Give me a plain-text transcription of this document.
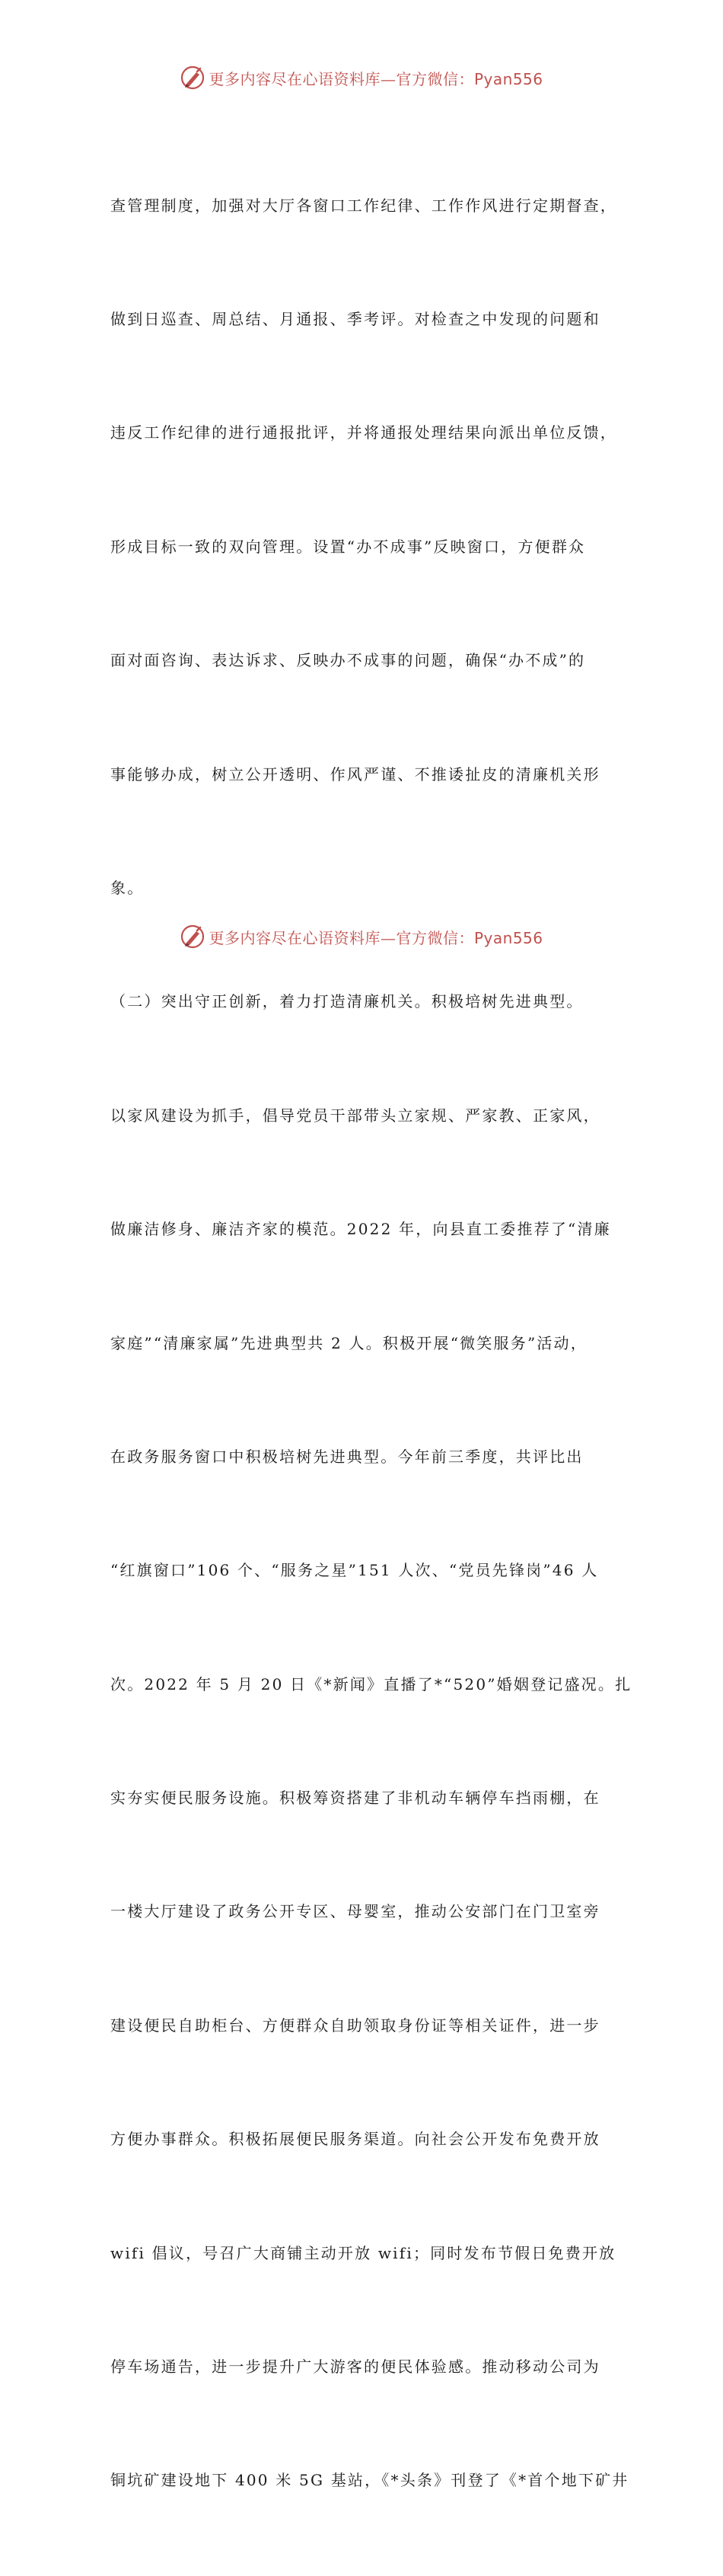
更多内容尽在心语资料库—官方微信：Pyan556

查管理制度，加强对大厅各窗口工作纪律、工作作风进行定期督查，

做到日巡查、周总结、月通报、季考评。对检查之中发现的问题和

违反工作纪律的进行通报批评，并将通报处理结果向派出单位反馈，

形成目标一致的双向管理。设置“办不成事”反映窗口，方便群众

面对面咨询、表达诉求、反映办不成事的问题，确保“办不成”的

事能够办成，树立公开透明、作风严谨、不推诿扯皮的清廉机关形

象。

（二）突出守正创新，着力打造清廉机关。积极培树先进典型。

以家风建设为抓手，倡导党员干部带头立家规、严家教、正家风，

做廉洁修身、廉洁齐家的模范。2022 年，向县直工委推荐了“清廉

家庭”“清廉家属”先进典型共 2 人。积极开展“微笑服务”活动，

在政务服务窗口中积极培树先进典型。今年前三季度，共评比出

“红旗窗口”106 个、“服务之星”151 人次、“党员先锋岗”46 人

次。2022 年 5 月 20 日《*新闻》直播了*“520”婚姻登记盛况。扎

实夯实便民服务设施。积极筹资搭建了非机动车辆停车挡雨棚，在

一楼大厅建设了政务公开专区、母婴室，推动公安部门在门卫室旁

建设便民自助柜台、方便群众自助领取身份证等相关证件，进一步

方便办事群众。积极拓展便民服务渠道。向社会公开发布免费开放

wifi 倡议，号召广大商铺主动开放 wifi；同时发布节假日免费开放

停车场通告，进一步提升广大游客的便民体验感。推动移动公司为

铜坑矿建设地下 400 米 5G 基站，《*头条》刊登了《*首个地下矿井

更多内容尽在心语资料库—官方微信：Pyan556
